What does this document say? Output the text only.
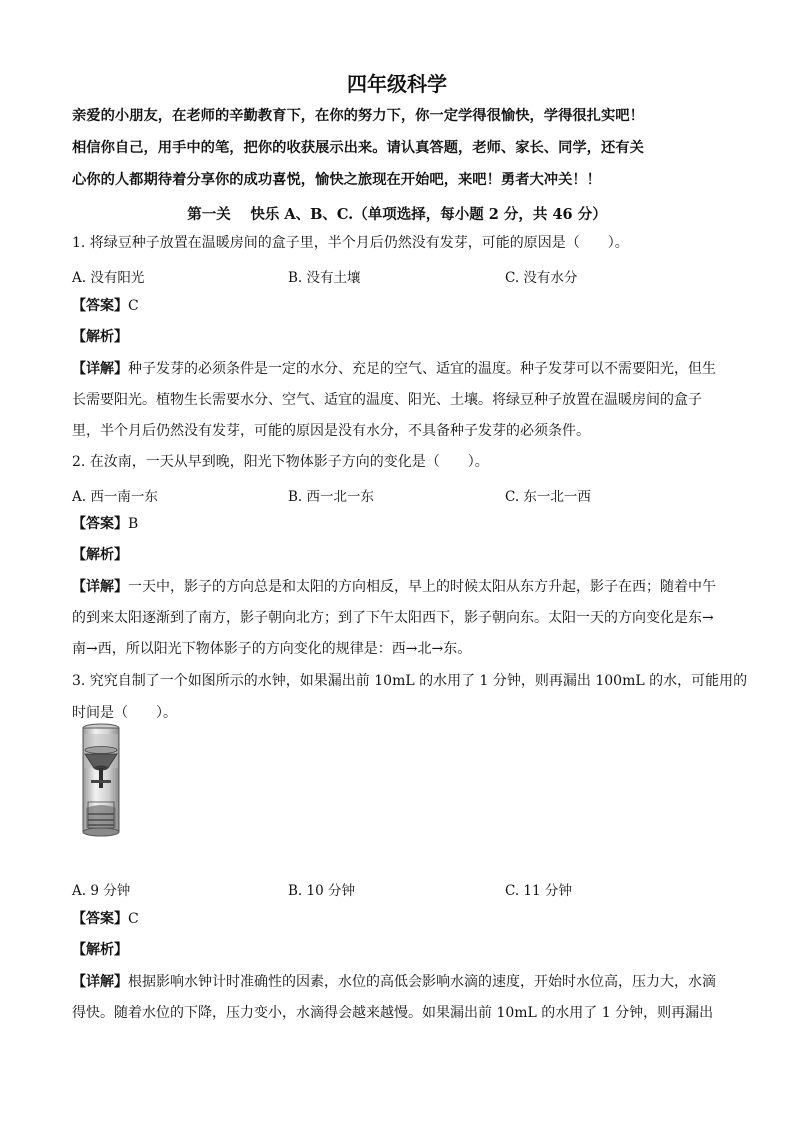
四年级科学
亲爱的小朋友，在老师的辛勤教育下，在你的努力下，你一定学得很愉快，学得很扎实吧！
相信你自己，用手中的笔，把你的收获展示出来。请认真答题，老师、家长、同学，还有关
心你的人都期待着分享你的成功喜悦，愉快之旅现在开始吧，来吧！勇者大冲关！！
第一关　 快乐 A、B、C.（单项选择，每小题 2 分，共 46 分）
1. 将绿豆种子放置在温暖房间的盒子里，半个月后仍然没有发芽，可能的原因是（　　）。
A. 没有阳光	B. 没有土壤	C. 没有水分
【答案】C
【解析】
【详解】种子发芽的必须条件是一定的水分、充足的空气、适宜的温度。种子发芽可以不需要阳光，但生
长需要阳光。植物生长需要水分、空气、适宜的温度、阳光、土壤。将绿豆种子放置在温暖房间的盒子
里，半个月后仍然没有发芽，可能的原因是没有水分，不具备种子发芽的必须条件。
2. 在汝南，一天从早到晚，阳光下物体影子方向的变化是（　　）。
A. 西一南一东	B. 西一北一东	C. 东一北一西
【答案】B
【解析】
【详解】一天中，影子的方向总是和太阳的方向相反，早上的时候太阳从东方升起，影子在西；随着中午
的到来太阳逐渐到了南方，影子朝向北方；到了下午太阳西下，影子朝向东。太阳一天的方向变化是东→
南→西，所以阳光下物体影子的方向变化的规律是：西→北→东。
3. 究究自制了一个如图所示的水钟，如果漏出前 10mL 的水用了 1 分钟，则再漏出 100mL 的水，可能用的
时间是（　　）。
A. 9 分钟	B. 10 分钟	C. 11 分钟
【答案】C
【解析】
【详解】根据影响水钟计时准确性的因素，水位的高低会影响水滴的速度，开始时水位高，压力大，水滴
得快。随着水位的下降，压力变小，水滴得会越来越慢。如果漏出前 10mL 的水用了 1 分钟，则再漏出
